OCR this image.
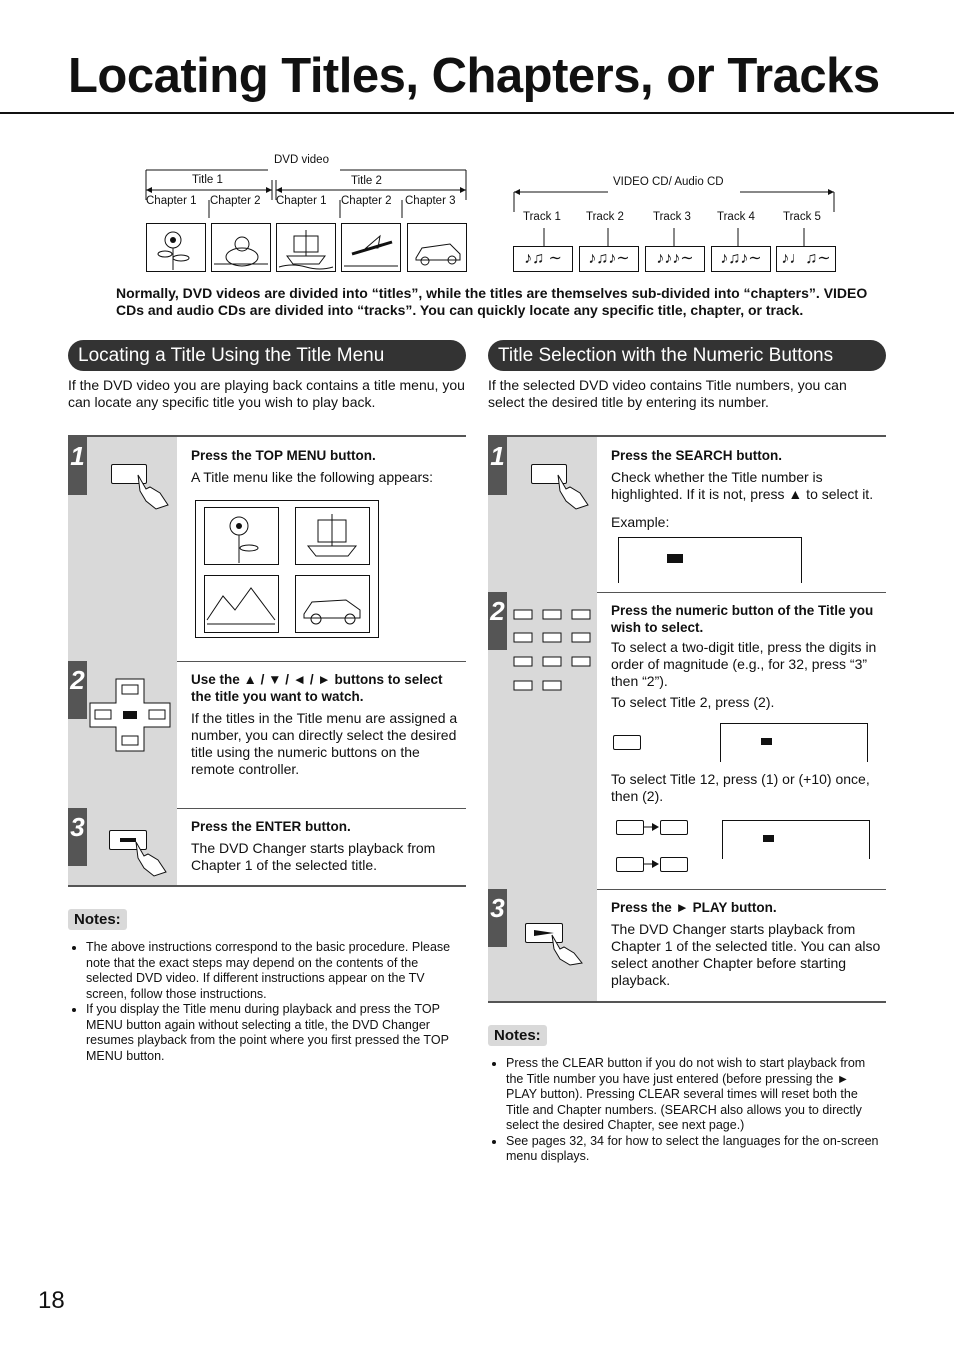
Locating Titles, Chapters, or Tracks
DVD video
Title 1	Title 2
Chapter 1 Chapter 2 Chapter 1 Chapter 2 Chapter 3
VIDEO CD/ Audio CD
Track 1 Track 2	Track 3 Track 4 Track 5
♪♫ ∼	♪♫♪∼	♪♪♪∼	♪♫♪∼	♪♩♫∼
Normally, DVD videos are divided into “titles”, while the titles are themselves sub-divided into “chapters”. VIDEO CDs and audio CDs are divided into “tracks”. You can quickly locate any specific title, chapter, or track.
Locating a Title Using the Title Menu
If the DVD video you are playing back contains a title menu, you can locate any specific title you wish to play back.
1	Press the TOP MENU button.
A Title menu like the following appears:
2	Use the ▲ / ▼ / ◄ / ► buttons to select the title you want to watch.
If the titles in the Title menu are assigned a number, you can directly select the desired title using the numeric buttons on the remote controller.
3	Press the ENTER button.
The DVD Changer starts playback from Chapter 1 of the selected title.
Notes:
• The above instructions correspond to the basic procedure. Please note that the exact steps may depend on the contents of the selected DVD video. If different instructions appear on the TV screen, follow those instructions.
• If you display the Title menu during playback and press the TOP MENU button again without selecting a title, the DVD Changer resumes playback from the point where you first pressed the TOP MENU button.
Title Selection with the Numeric Buttons
If the selected DVD video contains Title numbers, you can select the desired title by entering its number.
1	Press the SEARCH button.
Check whether the Title number is highlighted. If it is not, press ▲ to select it.
Example:
2	Press the numeric button of the Title you wish to select.
To select a two-digit title, press the digits in order of magnitude (e.g., for 32, press “3” then “2”).
To select Title 2, press (2).
To select Title 12, press (1) or (+10) once, then (2).
3	Press the ► PLAY button.
The DVD Changer starts playback from Chapter 1 of the selected title. You can also select another Chapter before starting playback.
Notes:
• Press the CLEAR button if you do not wish to start playback from the Title number you have just entered (before pressing the ► PLAY button). Pressing CLEAR several times will reset both the Title and Chapter numbers. (SEARCH also allows you to directly select the desired Chapter, see next page.)
• See pages 32, 34 for how to select the languages for the on-screen menu displays.
18
